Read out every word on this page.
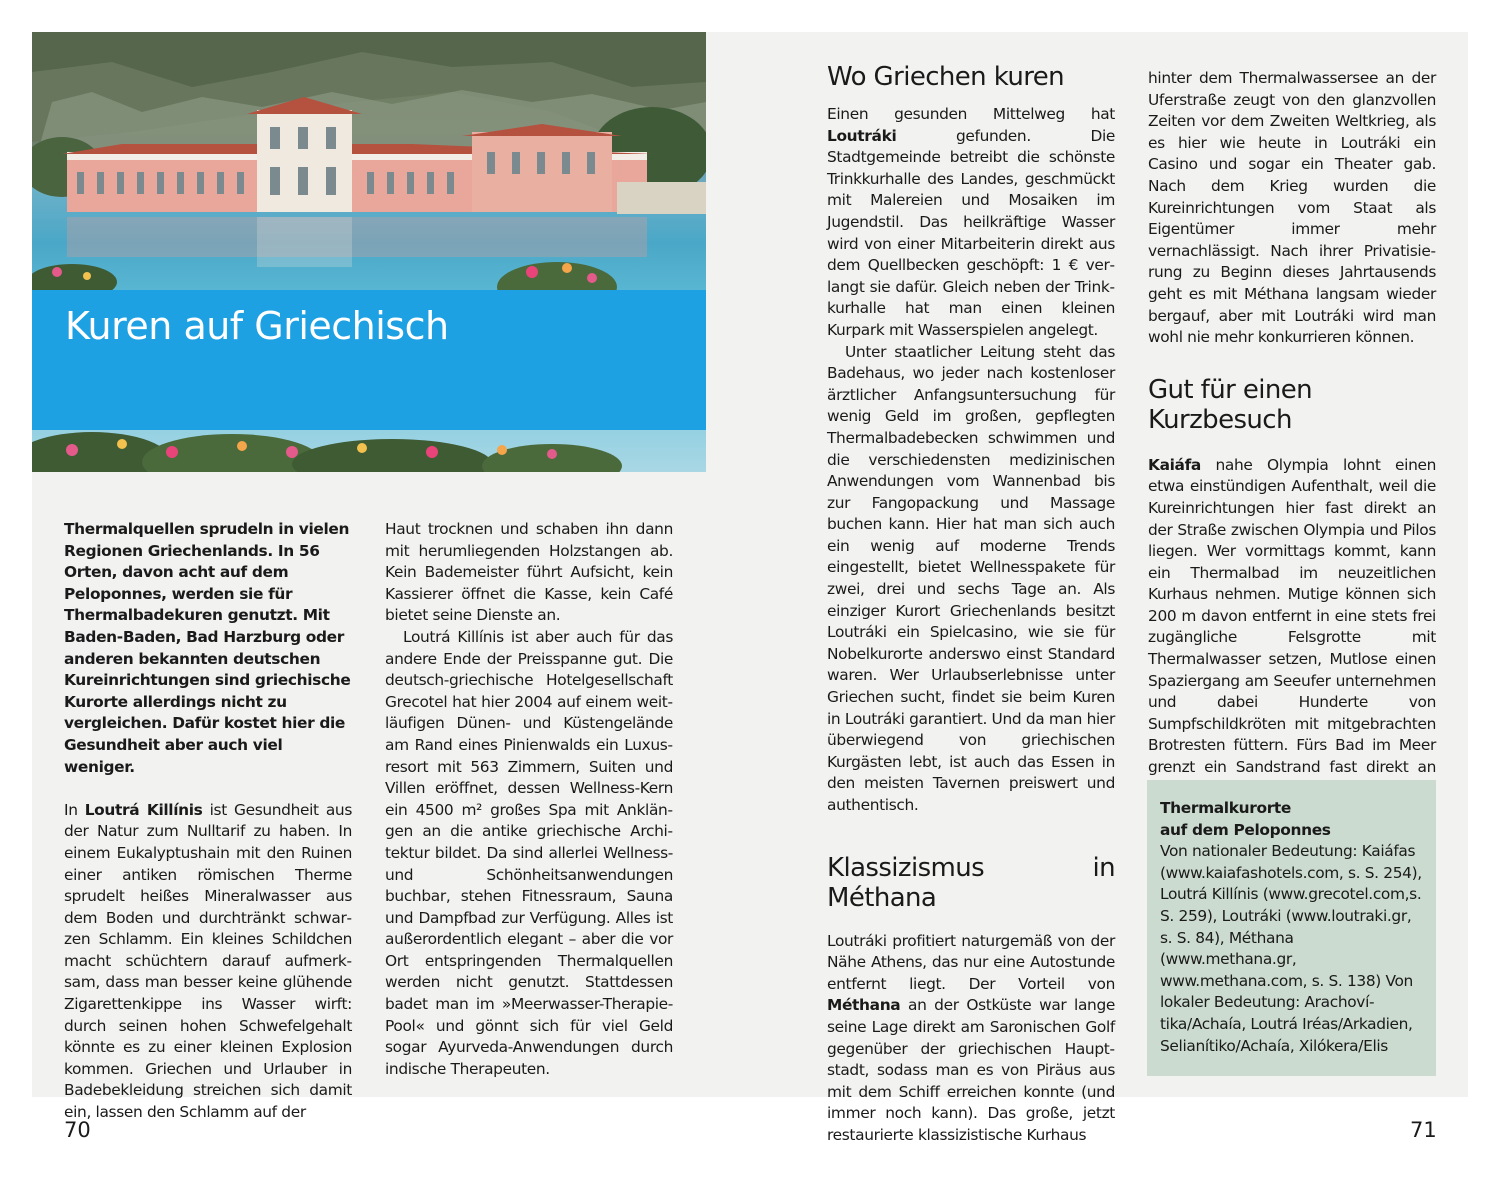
Kuren auf Griechisch

Thermalquellen sprudeln in vielen Regionen Griechenlands. In 56 Orten, davon acht auf dem Peloponnes, werden sie für Thermalbadekuren genutzt. Mit Baden-Baden, Bad Harzburg oder anderen bekannten deutschen Kureinrichtungen sind griechische Kurorte allerdings nicht zu vergleichen. Dafür kostet hier die Gesundheit aber auch viel weniger.

In Loutrá Killínis ist Gesundheit aus der Natur zum Nulltarif zu haben. In einem Eukalyptushain mit den Ruinen einer antiken römischen Therme sprudelt heißes Mineralwasser aus dem Boden und durchtränkt schwarzen Schlamm. Ein kleines Schildchen macht schüchtern darauf aufmerksam, dass man besser keine glühende Zigarettenkippe ins Wasser wirft: durch seinen hohen Schwefelgehalt könnte es zu einer kleinen Explosion kommen. Griechen und Urlauber in Badebekleidung streichen sich damit ein, lassen den Schlamm auf der

Haut trocknen und schaben ihn dann mit herumliegenden Holzstangen ab. Kein Bademeister führt Aufsicht, kein Kassierer öffnet die Kasse, kein Café bietet seine Dienste an.

Loutrá Killínis ist aber auch für das andere Ende der Preisspanne gut. Die deutsch-griechische Hotelgesellschaft Grecotel hat hier 2004 auf einem weitläufigen Dünen- und Küstengelände am Rand eines Pinienwalds ein Luxusresort mit 563 Zimmern, Suiten und Villen eröffnet, dessen Wellness-Kern ein 4500 m² großes Spa mit Anklängen an die antike griechische Architektur bildet. Da sind allerlei Wellness- und Schönheitsanwendungen buchbar, stehen Fitnessraum, Sauna und Dampfbad zur Verfügung. Alles ist außerordentlich elegant – aber die vor Ort entspringenden Thermalquellen werden nicht genutzt. Stattdessen badet man im »Meerwasser-Therapie-Pool« und gönnt sich für viel Geld sogar Ayurveda-Anwendungen durch indische Therapeuten.

Wo Griechen kuren

Einen gesunden Mittelweg hat Loutráki gefunden. Die Stadtgemeinde betreibt die schönste Trinkkurhalle des Landes, geschmückt mit Malereien und Mosaiken im Jugendstil. Das heilkräftige Wasser wird von einer Mitarbeiterin direkt aus dem Quellbecken geschöpft: 1 € verlangt sie dafür. Gleich neben der Trinkkurhalle hat man einen kleinen Kurpark mit Wasserspielen angelegt.

Unter staatlicher Leitung steht das Badehaus, wo jeder nach kostenloser ärztlicher Anfangsuntersuchung für wenig Geld im großen, gepflegten Thermalbadebecken schwimmen und die verschiedensten medizinischen Anwendungen vom Wannenbad bis zur Fangopackung und Massage buchen kann. Hier hat man sich auch ein wenig auf moderne Trends eingestellt, bietet Wellnesspakete für zwei, drei und sechs Tage an. Als einziger Kurort Griechenlands besitzt Loutráki ein Spielcasino, wie sie für Nobelkurorte anderswo einst Standard waren. Wer Urlaubserlebnisse unter Griechen sucht, findet sie beim Kuren in Loutráki garantiert. Und da man hier überwiegend von griechischen Kurgästen lebt, ist auch das Essen in den meisten Tavernen preiswert und authentisch.

Klassizismus in Méthana

Loutráki profitiert naturgemäß von der Nähe Athens, das nur eine Autostunde entfernt liegt. Der Vorteil von Méthana an der Ostküste war lange seine Lage direkt am Saronischen Golf gegenüber der griechischen Hauptstadt, sodass man es von Piräus aus mit dem Schiff erreichen konnte (und immer noch kann). Das große, jetzt restaurierte klassizistische Kurhaus

hinter dem Thermalwassersee an der Uferstraße zeugt von den glanzvollen Zeiten vor dem Zweiten Weltkrieg, als es hier wie heute in Loutráki ein Casino und sogar ein Theater gab. Nach dem Krieg wurden die Kureinrichtungen vom Staat als Eigentümer immer mehr vernachlässigt. Nach ihrer Privatisierung zu Beginn dieses Jahrtausends geht es mit Méthana langsam wieder bergauf, aber mit Loutráki wird man wohl nie mehr konkurrieren können.

Gut für einen
Kurzbesuch

Kaiáfa nahe Olympia lohnt einen etwa einstündigen Aufenthalt, weil die Kureinrichtungen hier fast direkt an der Straße zwischen Olympia und Pilos liegen. Wer vormittags kommt, kann ein Thermalbad im neuzeitlichen Kurhaus nehmen. Mutige können sich 200 m davon entfernt in eine stets frei zugängliche Felsgrotte mit Thermalwasser setzen, Mutlose einen Spaziergang am Seeufer unternehmen und dabei Hunderte von Sumpfschildkröten mit mitgebrachten Brotresten füttern. Fürs Bad im Meer grenzt ein Sandstrand fast direkt an

Thermalkurorte
auf dem Peloponnes

Von nationaler Bedeutung: Kaiáfas (www.kaiafashotels.com, s. S. 254), Loutrá Killínis (www.grecotel.com,s. S. 259), Loutráki (www.loutraki.gr, s. S. 84), Méthana (www.methana.gr, www.methana.com, s. S. 138) Von lokaler Bedeutung: Arachovítika/Achaía, Loutrá Iréas/Arkadien, Selianítiko/Achaía, Xilókera/Elis

70	71
